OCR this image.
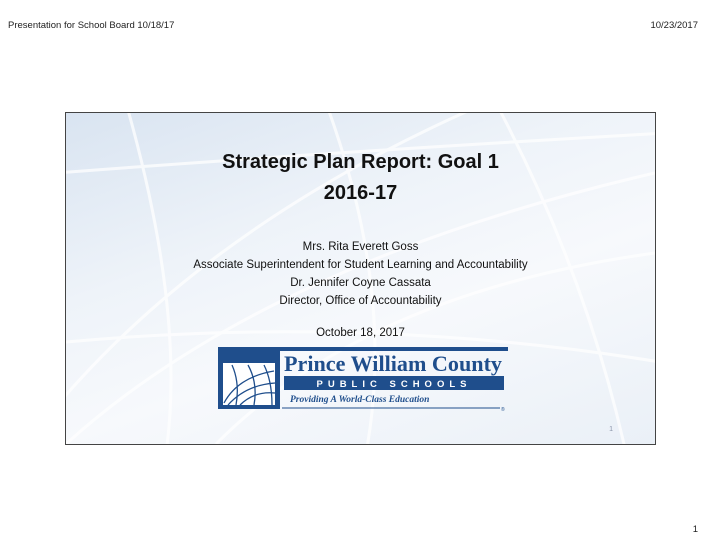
Presentation for School Board 10/18/17	10/23/2017
Strategic Plan Report: Goal 1
2016-17
Mrs. Rita Everett Goss
Associate Superintendent for Student Learning and Accountability
Dr. Jennifer Coyne Cassata
Director, Office of Accountability
October 18, 2017
Prince William County
PUBLIC SCHOOLS
Providing A World-Class Education
®
1
1
